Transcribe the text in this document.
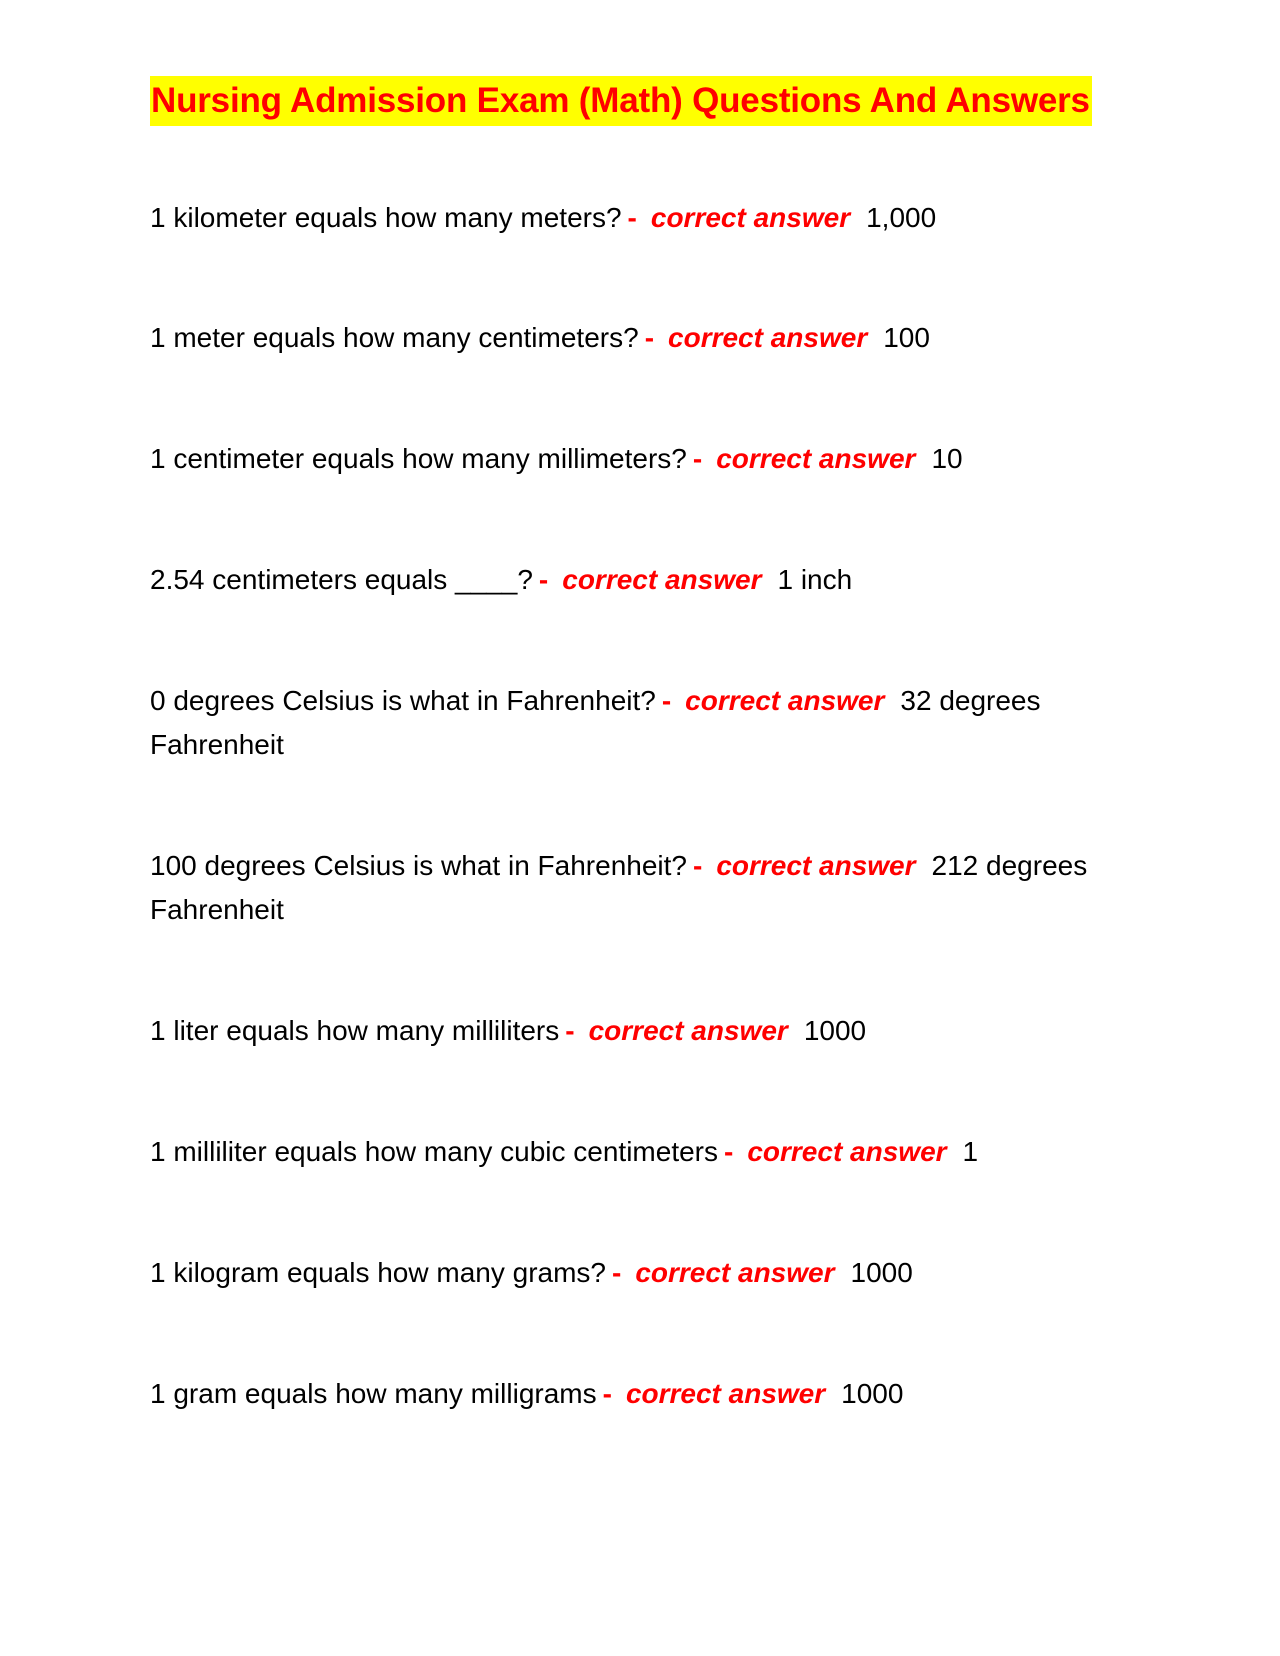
Nursing Admission Exam (Math) Questions And Answers

1 kilometer equals how many meters? - correct answer 1,000

1 meter equals how many centimeters? - correct answer 100

1 centimeter equals how many millimeters? - correct answer 10

2.54 centimeters equals ____? - correct answer 1 inch

0 degrees Celsius is what in Fahrenheit? - correct answer 32 degrees Fahrenheit

100 degrees Celsius is what in Fahrenheit? - correct answer 212 degrees Fahrenheit

1 liter equals how many milliliters - correct answer 1000

1 milliliter equals how many cubic centimeters - correct answer 1

1 kilogram equals how many grams? - correct answer 1000

1 gram equals how many milligrams - correct answer 1000
